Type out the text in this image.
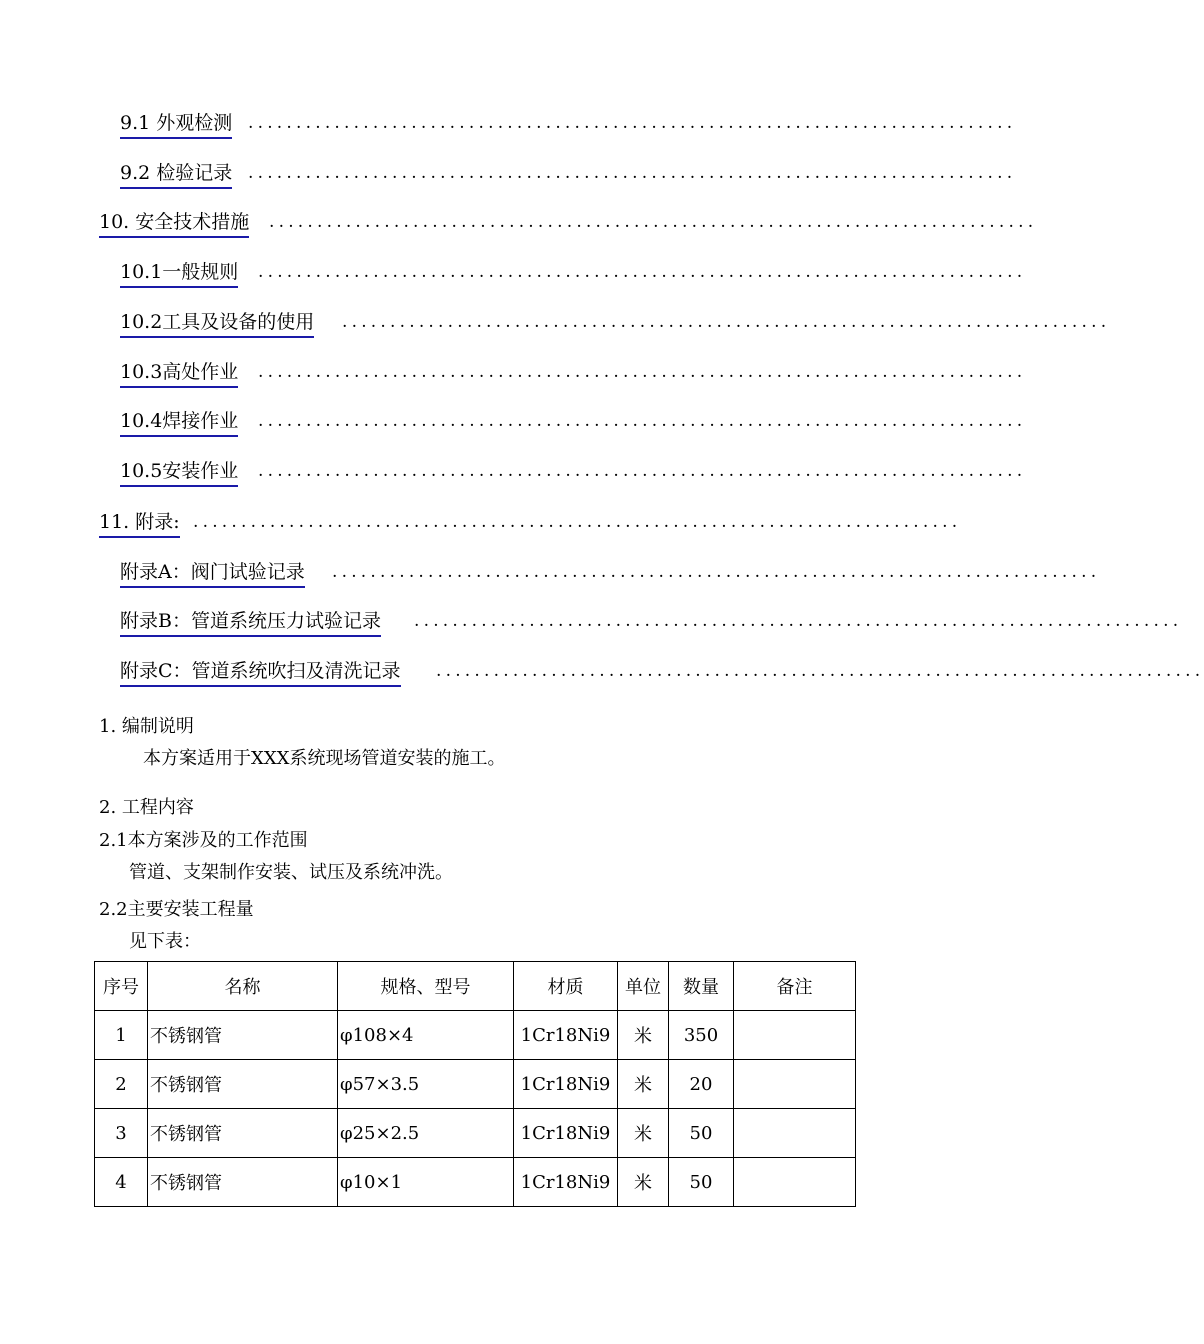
9.1 外观检测 ................................................................................
9.2 检验记录 ................................................................................
10. 安全技术措施 ................................................................................
10.1一般规则 ................................................................................
10.2工具及设备的使用 ................................................................................
10.3高处作业 ................................................................................
10.4焊接作业 ................................................................................
10.5安装作业 ................................................................................
11. 附录: ................................................................................
附录A：阀门试验记录 ................................................................................
附录B：管道系统压力试验记录 ................................................................................
附录C：管道系统吹扫及清洗记录 ................................................................................
1. 编制说明
本方案适用于XXX系统现场管道安装的施工。
2. 工程内容
2.1本方案涉及的工作范围
管道、支架制作安装、试压及系统冲洗。
2.2主要安装工程量
见下表：
序号	名称	规格、型号	材质	单位	数量	备注
1	不锈钢管	φ108×4	1Cr18Ni9	米	350	
2	不锈钢管	φ57×3.5	1Cr18Ni9	米	20	
3	不锈钢管	φ25×2.5	1Cr18Ni9	米	50	
4	不锈钢管	φ10×1	1Cr18Ni9	米	50	
